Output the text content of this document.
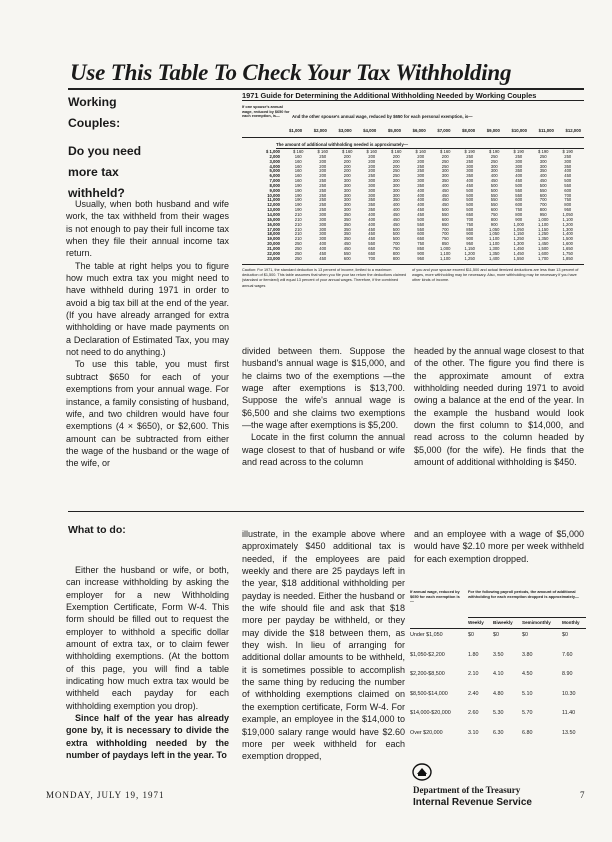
Use This Table To Check Your Tax Withholding
Working
Couples:
Do you need
more tax
withheld?

Usually, when both husband and wife work, the tax withheld from their wages is not enough to pay their full income tax when they file their annual income tax return.

The table at right helps you to figure how much extra tax you might need to have withheld during 1971 in order to avoid a big tax bill at the end of the year. (If you have already arranged for extra withholding or have made payments on a Declaration of Estimated Tax, you may not need to do anything.)

To use this table, you must first subtract $650 for each of your exemptions from your annual wage. For instance, a family consisting of husband, wife, and two children would have four exemptions (4 × $650), or $2,600. This amount can be subtracted from either the wage of the husband or the wage of the wife, or

1971 Guide for Determining the Additional Withholding Needed by Working Couples
If one spouse's annual wage, reduced by $650 for each exemption, is—	And the other spouse's annual wage, reduced by $650 for each personal exemption, is—
$1,000	$2,000	$3,000	$4,000	$5,000	$6,000	$7,000	$8,000	$9,000	$10,000	$11,000	$12,000
The amount of additional withholding needed is approximately—
$ 1,000	$ 160	$ 160	$ 160	$ 160	$ 160	$ 160	$ 160	$ 190	$ 190	$ 190	$ 190	$ 190
2,000	160	250	200	200	200	200	200	250	250	250	250	250
3,000	160	200	200	200	200	200	250	250	250	300	300	300
4,000	160	200	200	200	200	250	250	300	300	300	300	350
5,000	160	200	200	200	250	250	300	300	300	350	350	400
6,000	160	200	200	250	250	300	300	350	400	400	400	450
7,000	160	250	300	300	300	300	350	400	450	450	450	500
8,000	190	250	300	300	300	350	400	450	500	500	500	550
9,000	190	250	300	300	300	400	450	500	500	550	550	600
10,000	190	250	300	300	300	400	450	500	550	550	600	700
11,000	190	250	300	350	350	400	450	500	550	600	700	750
12,000	190	250	300	350	400	400	450	500	550	600	700	800
13,000	190	250	300	350	400	450	500	500	600	750	800	950
14,000	210	300	350	400	450	450	550	650	750	800	950	1,050
15,000	210	300	350	400	450	500	600	700	800	900	1,000	1,100
16,000	210	300	350	400	450	550	650	750	900	1,000	1,100	1,200
17,000	210	300	350	450	500	550	700	850	1,050	1,050	1,150	1,300
18,000	210	300	350	450	500	600	700	900	1,050	1,150	1,250	1,400
19,000	210	300	350	450	500	650	750	900	1,100	1,250	1,350	1,500
20,000	250	400	450	550	700	750	850	950	1,100	1,300	1,450	1,600
21,000	250	400	450	650	750	850	1,000	1,150	1,300	1,450	1,500	1,650
22,000	250	450	550	650	800	900	1,100	1,200	1,350	1,450	1,600	1,750
23,000	250	450	600	700	800	950	1,100	1,250	1,400	1,550	1,700	1,850
Caution: For 1971, the standard deduction is 13 percent of income, limited to a maximum deduction of $1,500. This table assumes that when you file your tax return the deductions claimed (standard or itemized) will equal 13 percent of your annual wages. Therefore, if the combined annual wages
of you and your spouse exceed $11,500 and actual itemized deductions are less than 13 percent of wages, more withholding may be necessary. Also, more withholding may be necessary if you have other kinds of income.

divided between them. Suppose the husband's annual wage is $15,000, and he claims two of the exemptions —the wage after exemptions is $13,700. Suppose the wife's annual wage is $6,500 and she claims two exemptions—the wage after exemptions is $5,200.

Locate in the first column the annual wage closest to that of husband or wife and read across to the column

headed by the annual wage closest to that of the other. The figure you find there is the approximate amount of extra withholding needed during 1971 to avoid owing a balance at the end of the year. In the example the husband would look down the first column to $14,000, and read across to the column headed by $5,000 (for the wife). He finds that the amount of additional withholding is $450.

What to do:

Either the husband or wife, or both, can increase withholding by asking the employer for a new Withholding Exemption Certificate, Form W-4. This form should be filled out to request the employer to withhold a specific dollar amount of extra tax, or to claim fewer withholding exemptions. (At the bottom of this page, you will find a table indicating how much extra tax would be withheld each payday for each withholding exemption you drop).

Since half of the year has already gone by, it is necessary to divide the extra withholding needed by the number of paydays left in the year. To

illustrate, in the example above where approximately $450 additional tax is needed, if the employees are paid weekly and there are 25 paydays left in the year, $18 additional withholding per payday is needed. Either the husband or the wife should file and ask that $18 more per payday be withheld, or they may divide the $18 between them, as they wish. In lieu of arranging for additional dollar amounts to be withheld, it is sometimes possible to accomplish the same thing by reducing the number of withholding exemptions claimed on the exemption certificate, Form W-4. For example, an employee in the $14,000 to $19,000 salary range would have $2.60 more per week withheld for each exemption dropped,

and an employee with a wage of $5,000 would have $2.10 more per week withheld for each exemption dropped.

If annual wage, reduced by $650 for each exemption is—
For the following payroll periods, the amount of additional withholding for each exemption dropped is approximately—
Weekly Biweekly Semimonthly Monthly
Under $1,050	$0	$0	$0	$0
$1,050-$2,200	1.80	3.50	3.80	7.60
$2,200-$8,500	2.10	4.10	4.50	8.90
$8,500-$14,000	2.40	4.80	5.10	10.30
$14,000-$20,000	2.60	5.30	5.70	11.40
Over $20,000	3.10	6.30	6.80	13.50
Department of the Treasury
Internal Revenue Service
MONDAY, JULY 19, 1971	7
